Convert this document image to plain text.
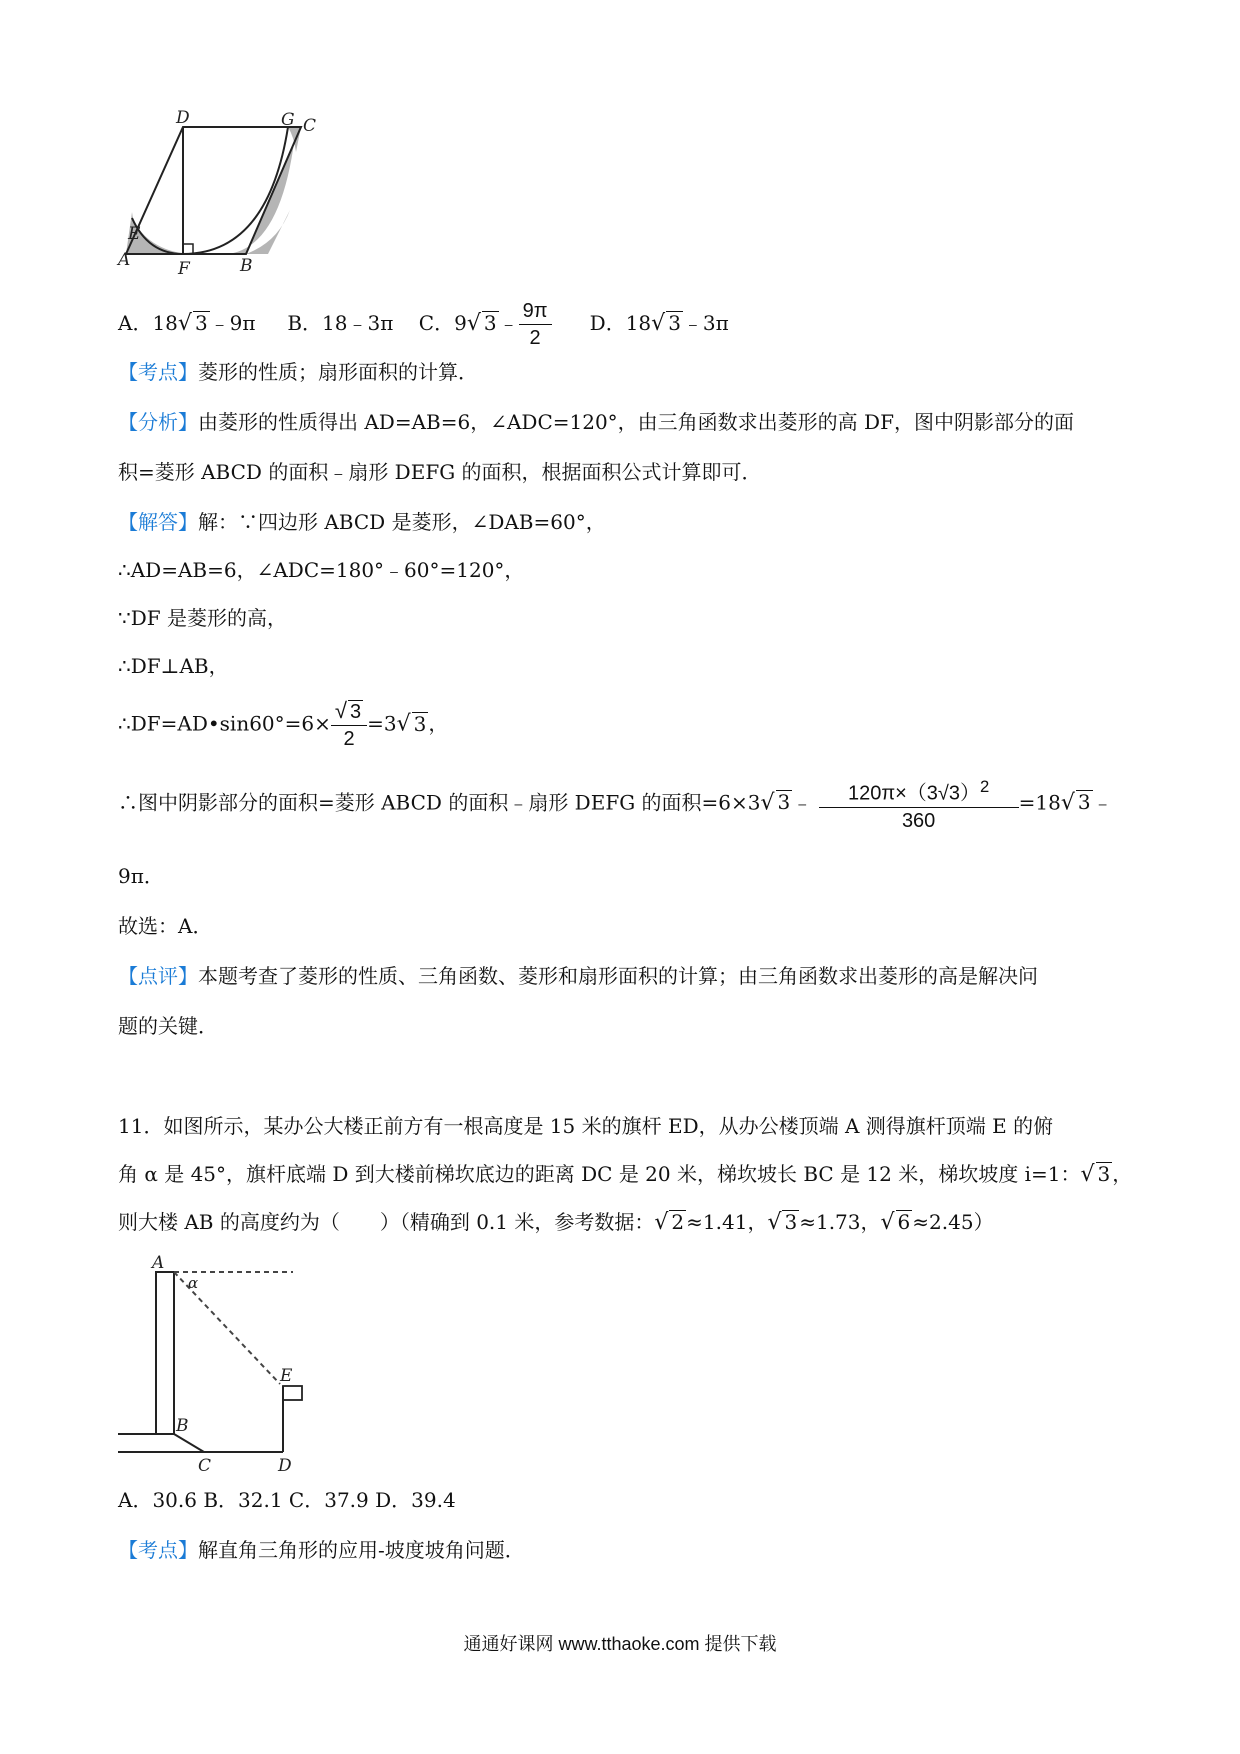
D	G C
E
A	F	B
A．18√ 3 ﹣9π B．18﹣3π C．9√ 3 ﹣ $\frac{9\pi}{2}$ D．18√ 3 ﹣3π
【考点】菱形的性质；扇形面积的计算．
【分析】由菱形的性质得出 AD=AB=6，∠ADC=120°，由三角函数求出菱形的高 DF，图中阴影部分的面
积=菱形 ABCD 的面积﹣扇形 DEFG 的面积，根据面积公式计算即可．
【解答】解：∵四边形 ABCD 是菱形，∠DAB=60°，
∴AD=AB=6，∠ADC=180°﹣60°=120°，
∵DF 是菱形的高，
∴DF⊥AB，
∴DF=AD•sin60°=6× $\frac{√ 3}{2} =3√$ 3 ，
∴图中阴影部分的面积=菱形 ABCD 的面积﹣扇形 DEFG 的面积=6×3√ 3 ﹣ $\frac{120\pi\times(3√3)^2}{360} =18√$ 3 ﹣
9π．
故选：A．
【点评】本题考查了菱形的性质、三角函数、菱形和扇形面积的计算；由三角函数求出菱形的高是解决问
题的关键．
11．如图所示，某办公大楼正前方有一根高度是 15 米的旗杆 ED，从办公楼顶端 A 测得旗杆顶端 E 的俯
角 α 是 45°，旗杆底端 D 到大楼前梯坎底边的距离 DC 是 20 米，梯坎坡长 BC 是 12 米，梯坎坡度 i=1：√ 3 ，
则大楼 AB 的高度约为（　　）（精确到 0.1 米，参考数据：√ 2 ≈1.41，√ 3 ≈1.73，√ 6 ≈2.45）
A
α
E
B
C	D
A．30.6 B．32.1 C．37.9 D．39.4
【考点】解直角三角形的应用-坡度坡角问题．
通通好课网 www.tthaoke.com 提供下载
